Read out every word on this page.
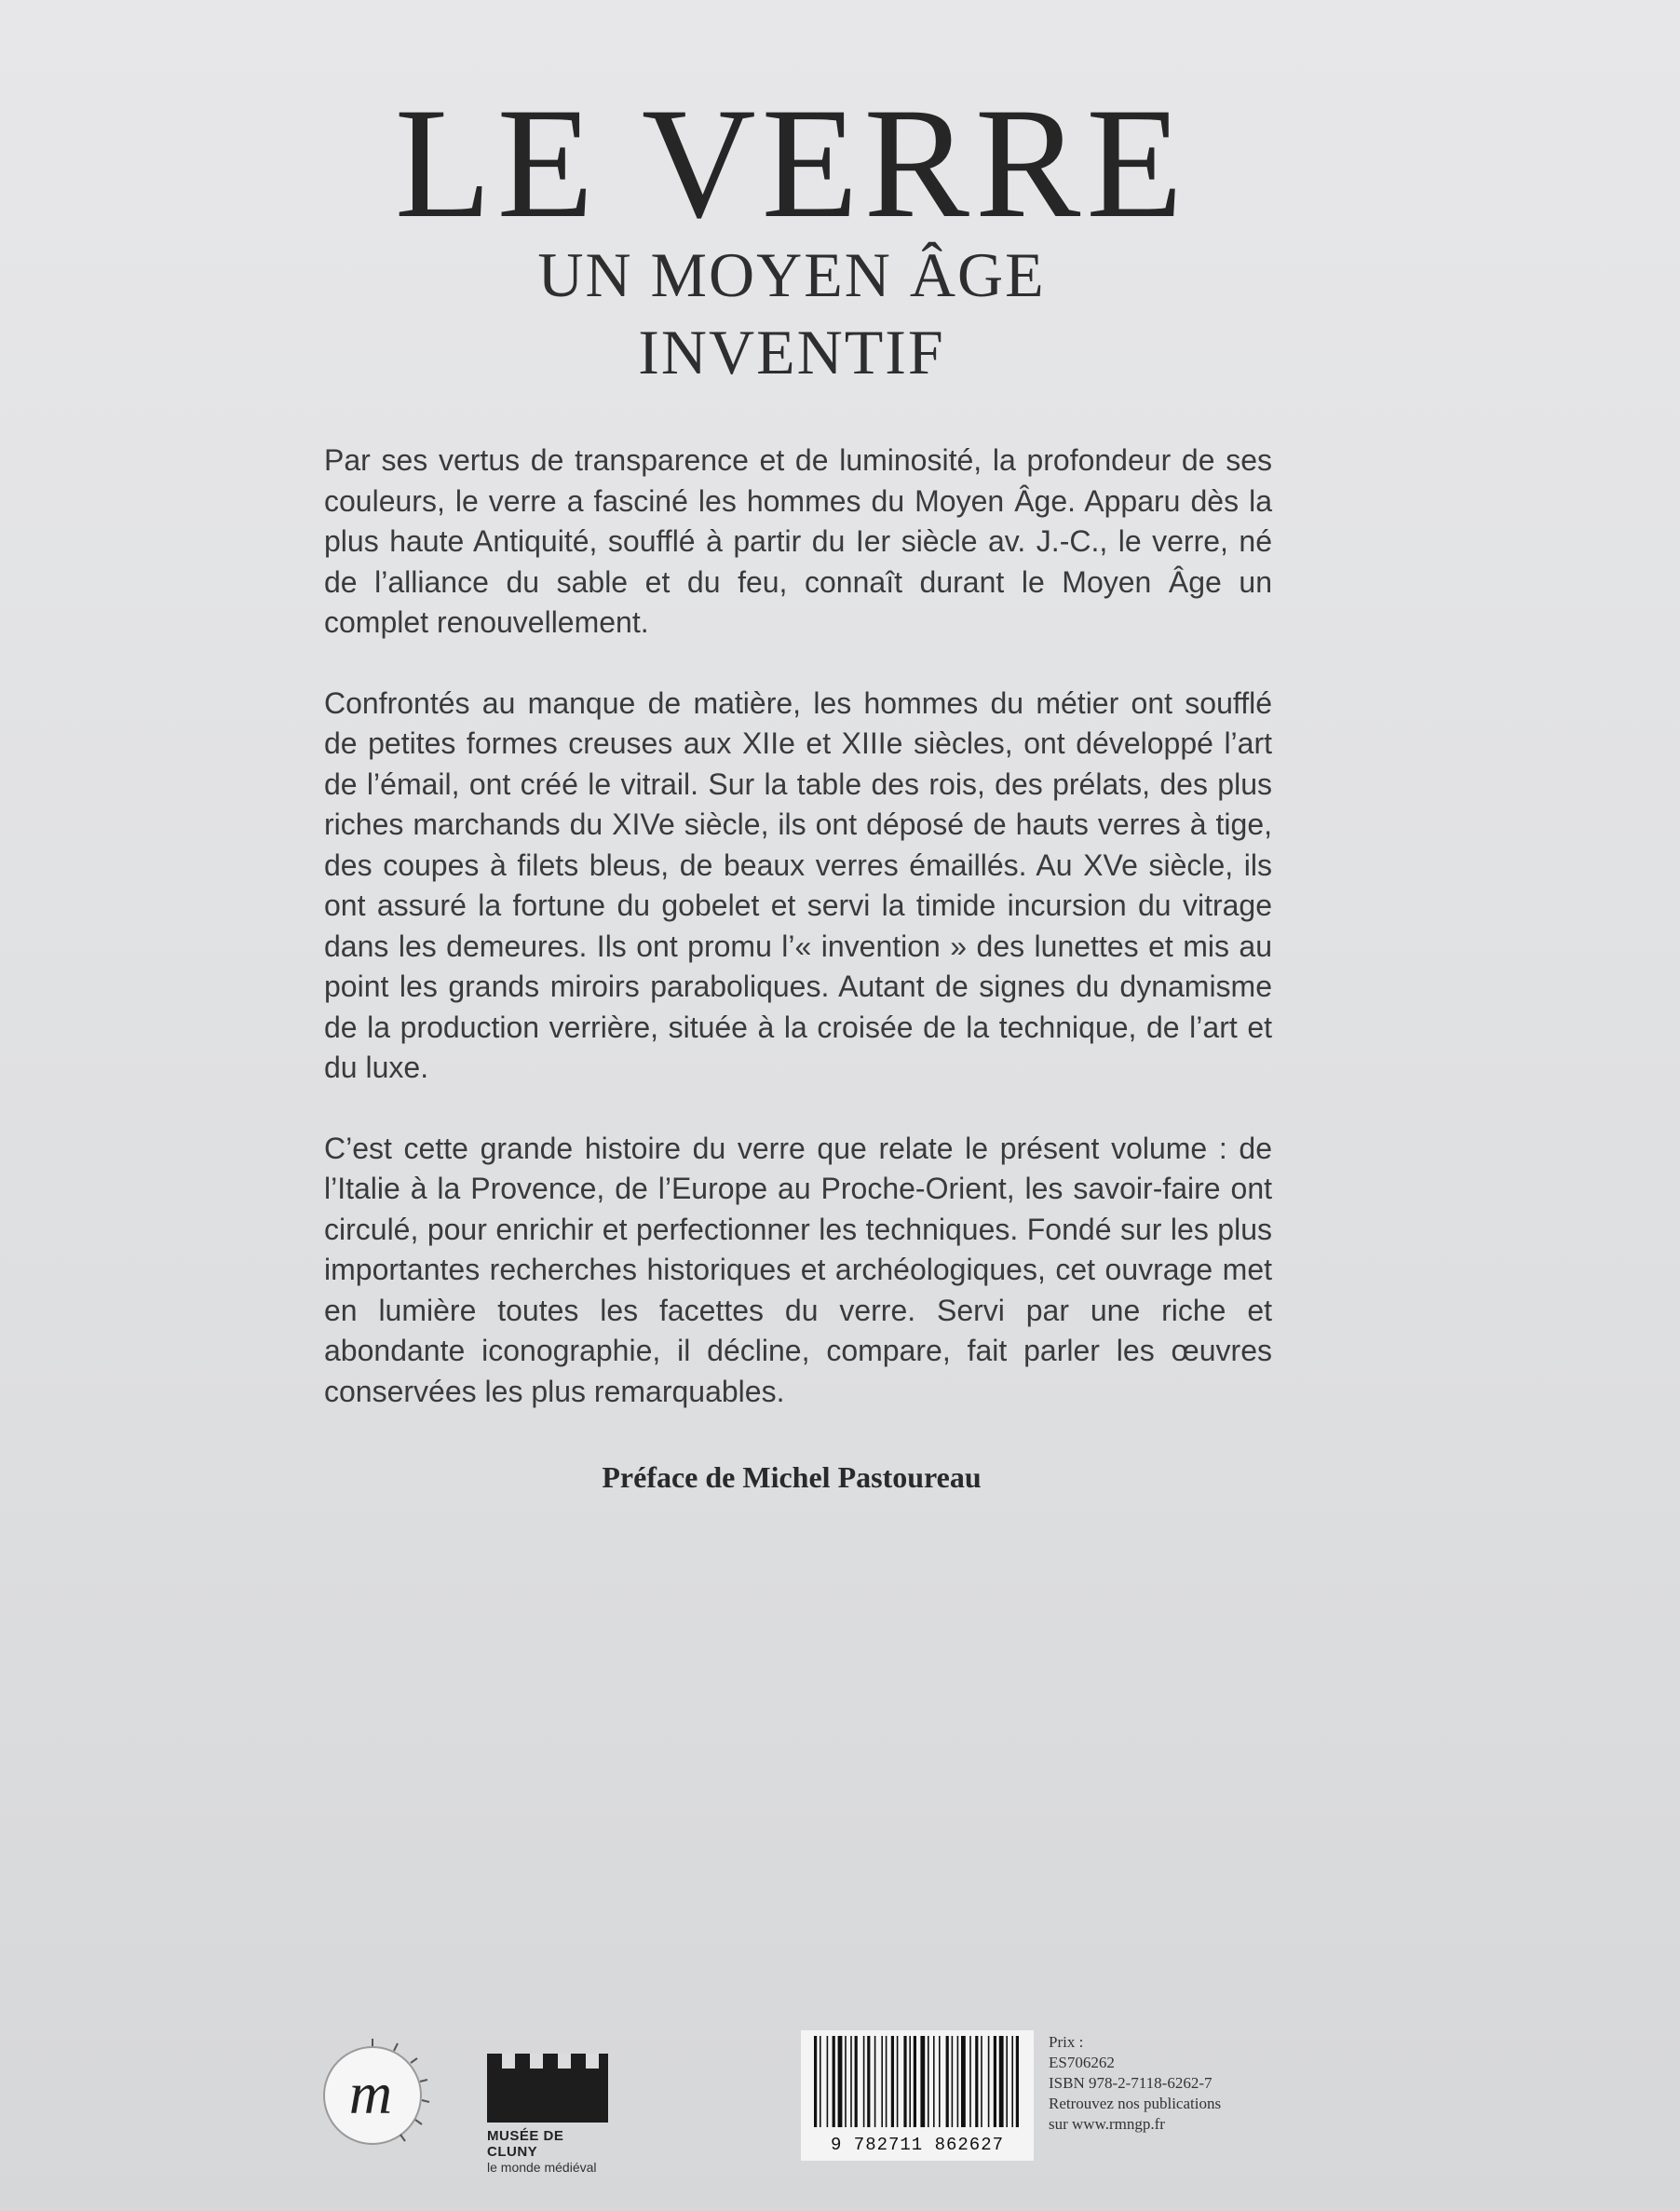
LE VERRE
UN MOYEN ÂGE
INVENTIF

Par ses vertus de transparence et de luminosité, la profondeur de ses couleurs, le verre a fasciné les hommes du Moyen Âge. Apparu dès la plus haute Antiquité, soufflé à partir du Ier siècle av. J.-C., le verre, né de l’alliance du sable et du feu, connaît durant le Moyen Âge un complet renouvellement.

Confrontés au manque de matière, les hommes du métier ont soufflé de petites formes creuses aux XIIe et XIIIe siècles, ont développé l’art de l’émail, ont créé le vitrail. Sur la table des rois, des prélats, des plus riches marchands du XIVe siècle, ils ont déposé de hauts verres à tige, des coupes à filets bleus, de beaux verres émaillés. Au XVe siècle, ils ont assuré la fortune du gobelet et servi la timide incursion du vitrage dans les demeures. Ils ont promu l’« invention » des lunettes et mis au point les grands miroirs paraboliques. Autant de signes du dynamisme de la production verrière, située à la croisée de la technique, de l’art et du luxe.

C’est cette grande histoire du verre que relate le présent volume : de l’Italie à la Provence, de l’Europe au Proche-Orient, les savoir-faire ont circulé, pour enrichir et perfectionner les techniques. Fondé sur les plus importantes recherches historiques et archéologiques, cet ouvrage met en lumière toutes les facettes du verre. Servi par une riche et abondante iconographie, il décline, compare, fait parler les œuvres conservées les plus remarquables.

Préface de Michel Pastoureau
m
MUSÉE DE CLUNY
le monde médiéval
9 782711 862627
Prix :
ES706262
ISBN 978-2-7118-6262-7
Retrouvez nos publications
sur www.rmngp.fr
